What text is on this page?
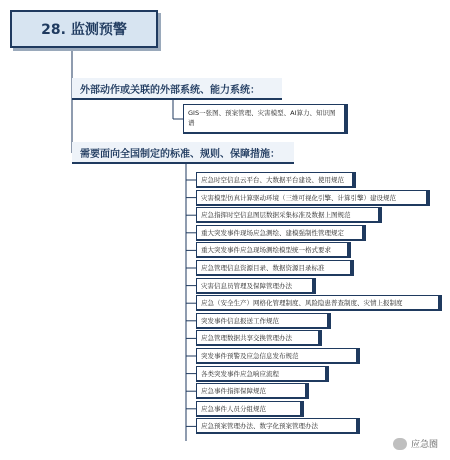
28. 监测预警
外部动作或关联的外部系统、能力系统：
GIS一张图、预案管理、灾害模型、AI算力、知识图谱
需要面向全国制定的标准、规则、保障措施：
应急时空信息云平台、大数据平台建设、使用规范
灾害模型仿真计算驱动环境（三维可视化引擎、计算引擎）建设规范
应急指挥时空信息图层数据采集标准及数据上图规范
重大突发事件现场应急测绘、建模强制性管理规定
重大突发事件应急现场测绘模型统一格式要求
应急管理信息资源目录、数据资源目录标准
灾害信息员管理及保障管理办法
应急（安全生产）网格化管理制度、风险隐患普查制度、灾情上报制度
突发事件信息报送工作规范
应急管理数据共享交换管理办法
突发事件预警及应急信息发布规范
各类突发事件应急响应流程
应急事件指挥保障规范
应急事件人员分组规范
应急预案管理办法、数字化预案管理办法
应急圈
